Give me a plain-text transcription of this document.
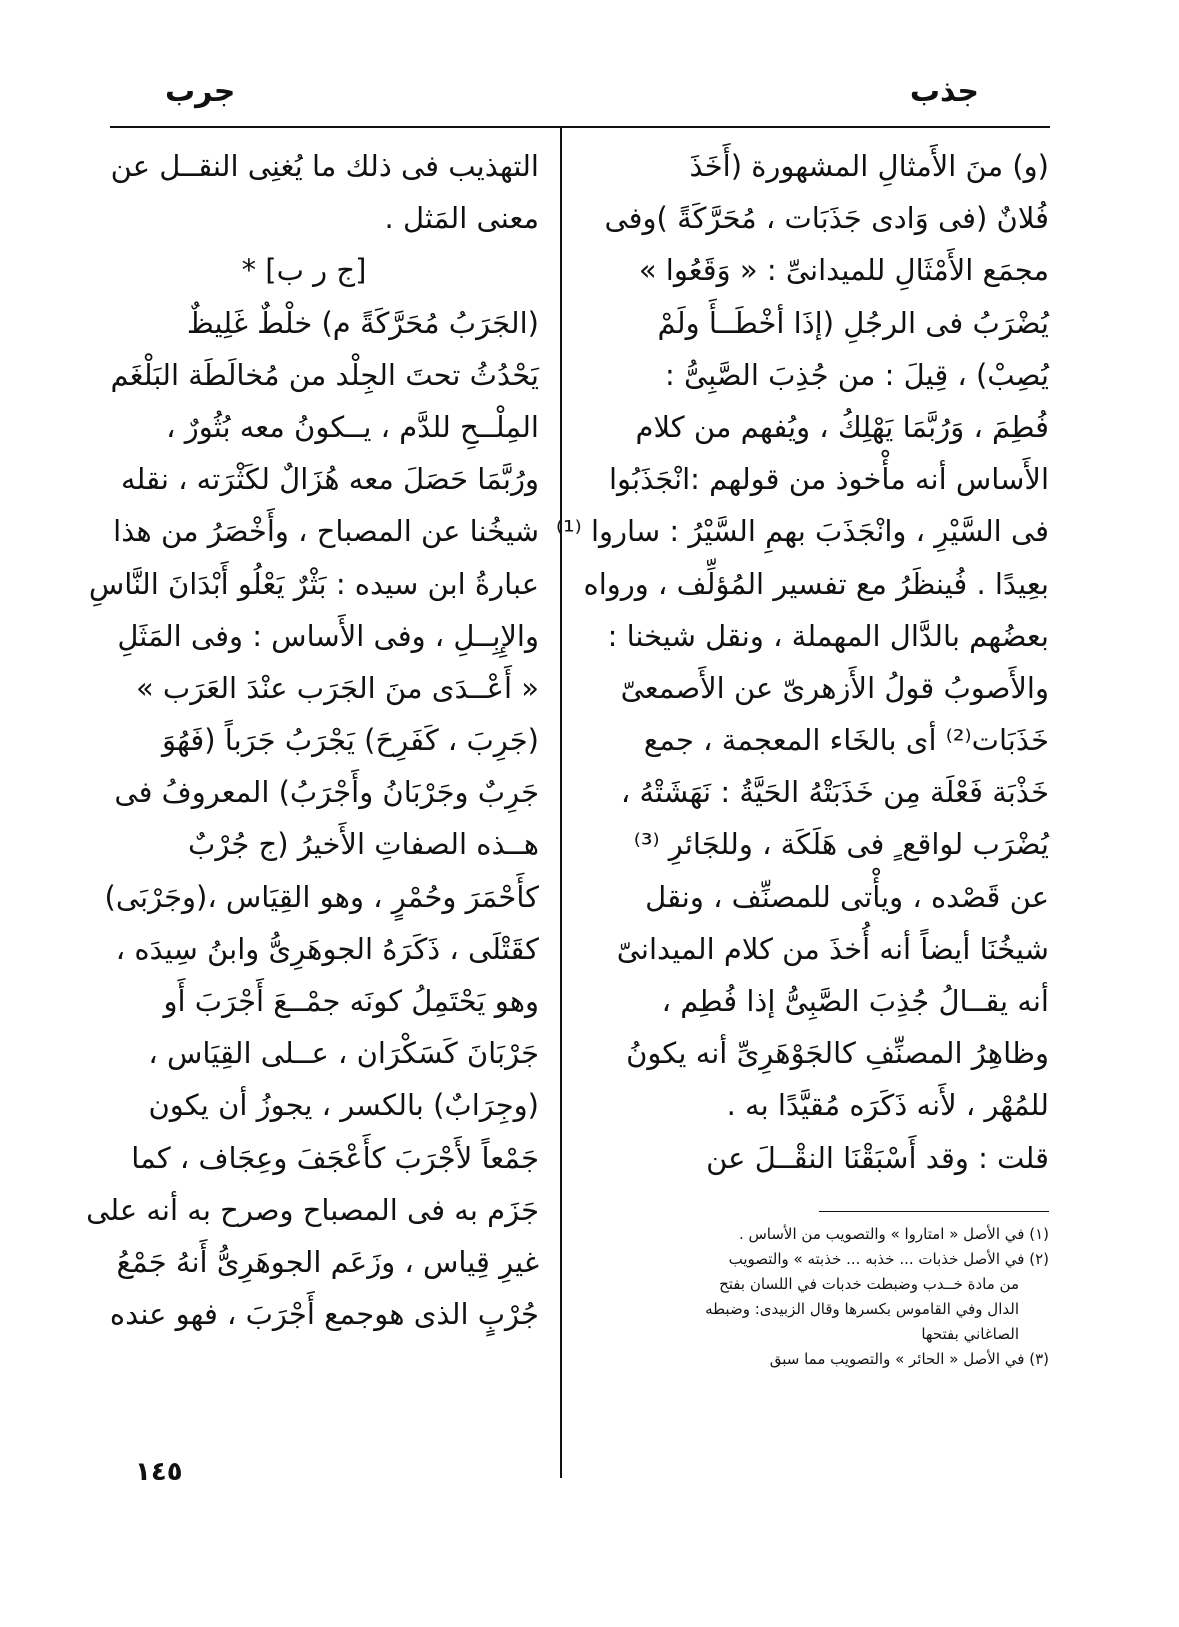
جذب
جرب
(و) منَ الأَمثالِ المشهورة (أَخَذَ
فُلانٌ (فى وَادى جَذَبَات ، مُحَرَّكَةً )وفى
مجمَع الأَمْثَالِ للميدانىِّ : « وَقَعُوا »
يُضْرَبُ فى الرجُلِ (إذَا أخْطَــأَ ولَمْ
يُصِبْ) ، قِيلَ : من جُذِبَ الصَّبِىُّ :
فُطِمَ ، وَرُبَّمَا يَهْلِكُ ، ويُفهم من كلام
الأَساس أنه مأْخوذ من قولهم :انْجَذَبُوا
فى السَّيْرِ ، وانْجَذَبَ بهمِ السَّيْرُ : ساروا ⁽¹⁾
بعِيدًا . فُينظَرُ مع تفسير المُؤلِّف ، ورواه
بعضُهم بالدَّال المهملة ، ونقل شيخنا :
والأَصوبُ قولُ الأَزهرىّ عن الأَصمعىّ
خَذَبَات⁽²⁾ أى بالخَاء المعجمة ، جمع
خَذْبَة فَعْلَة مِن خَذَبَتْهُ الحَيَّةُ : نَهَشَتْهُ ،
يُضْرَب لواقع ٍ فى هَلَكَة ، وللجَائرِ ⁽³⁾
عن قَصْده ، ويأْتى للمصنِّف ، ونقل
شيخُنَا أيضاً أنه أُخذَ من كلام الميدانىّ
أنه يقــالُ جُذِبَ الصَّبِىُّ إذا فُطِم ،
وظاهِرُ المصنِّفِ كالجَوْهَرِىِّ أنه يكونُ
للمُهْر ، لأَنه ذَكَرَه مُقيَّدًا به .
قلت : وقد أَسْبَقْنَا النقْــلَ عن
التهذيب فى ذلك ما يُغنِى النقــل عن
معنى المَثل .
[ج ر ب] *
(الجَرَبُ مُحَرَّكَةً م) خلْطٌ غَلِيظٌ
يَحْدُثُ تحتَ الجِلْد من مُخالَطَة البَلْغَم
المِلْــحِ للدَّم ، يــكونُ معه بُثُورٌ ،
ورُبَّمَا حَصَلَ معه هُزَالٌ لكَثْرَته ، نقله
شيخُنا عن المصباح ، وأَخْصَرُ من هذا
عبارةُ ابن سيده : بَثْرٌ يَعْلُو أَبْدَانَ النَّاسِ
والإِبِــلِ ، وفى الأَساس : وفى المَثَلِ
« أَعْــدَى منَ الجَرَب عنْدَ العَرَب »
(جَرِبَ ، كَفَرِحَ) يَجْرَبُ جَرَباً (فَهُوَ
جَرِبٌ وجَرْبَانُ وأَجْرَبُ) المعروفُ فى
هــذه الصفاتِ الأَخيرُ (ج جُرْبٌ
كأَحْمَرَ وحُمْرٍ ، وهو القِيَاس ،(وجَرْبَى)
كقَتْلَى ، ذَكَرَهُ الجوهَرِىُّ وابنُ سِيدَه ،
وهو يَحْتَمِلُ كونَه جمْــعَ أَجْرَبَ أَو
جَرْبَانَ كَسَكْرَان ، عــلى القِيَاس ،
(وجِرَابٌ) بالكسر ، يجوزُ أن يكون
جَمْعاً لأَجْرَبَ كأَعْجَفَ وعِجَاف ، كما
جَزَم به فى المصباح وصرح به أنه على
غيرِ قِياس ، وزَعَم الجوهَرِىُّ أَنهُ جَمْعُ
جُرْبٍ الذى هوجمع أَجْرَبَ ، فهو عنده
(١) في الأصل « امتاروا » والتصويب من الأساس .
(٢) في الأصل خذبات ... خذبه ... خذبته » والتصويب
من مادة خــدب وضبطت خدبات في اللسان بفتح
الدال وفي القاموس بكسرها وقال الزبيدى: وضبطه
الصاغاني بفتحها
(٣) في الأصل « الحائر » والتصويب مما سبق
١٤٥
